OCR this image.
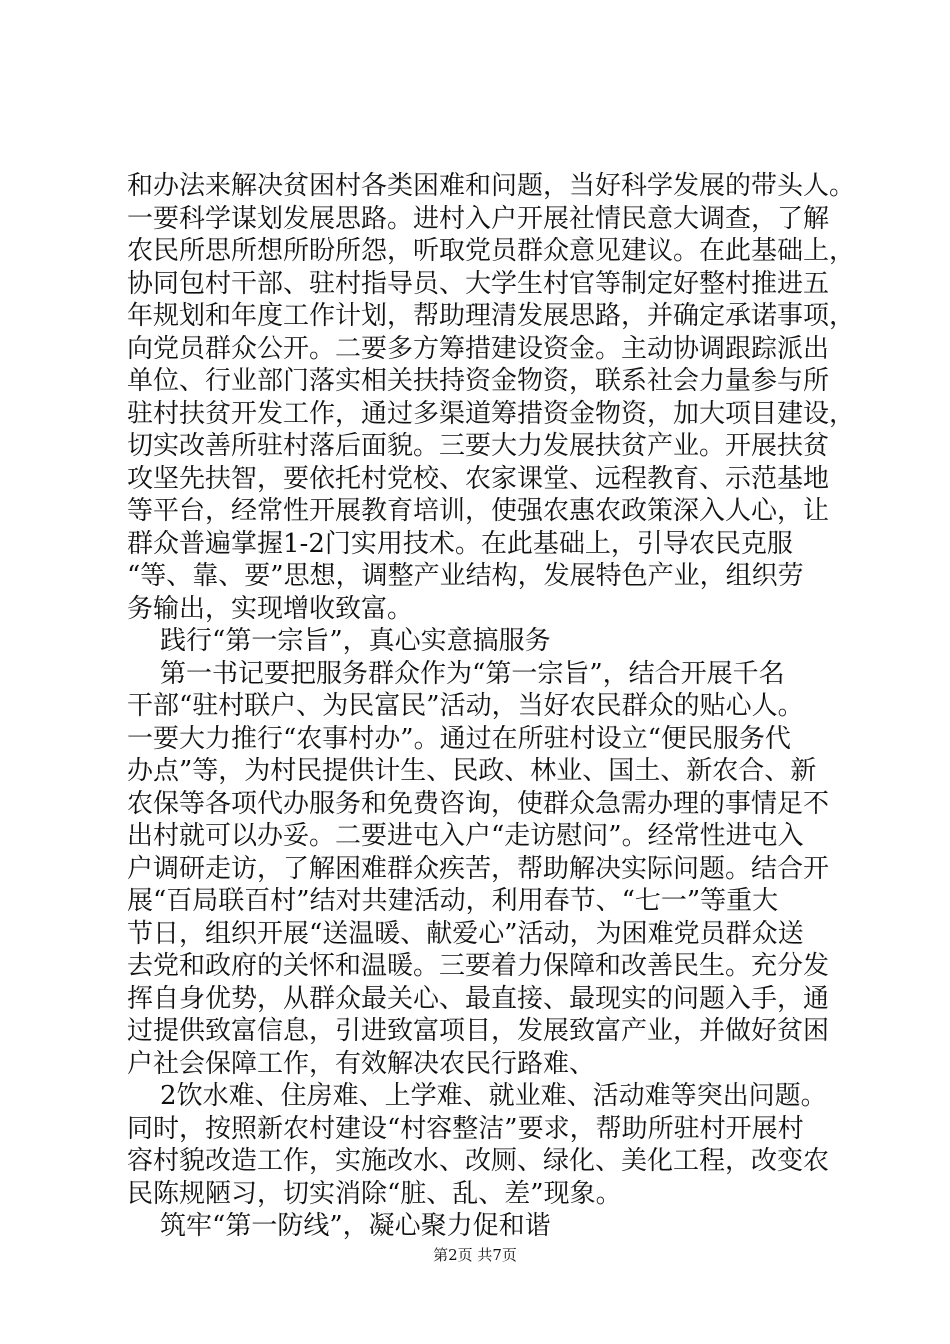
和办法来解决贫困村各类困难和问题，当好科学发展的带头人。
一要科学谋划发展思路。进村入户开展社情民意大调查，了解
农民所思所想所盼所怨，听取党员群众意见建议。在此基础上，
协同包村干部、驻村指导员、大学生村官等制定好整村推进五
年规划和年度工作计划，帮助理清发展思路，并确定承诺事项，
向党员群众公开。二要多方筹措建设资金。主动协调跟踪派出
单位、行业部门落实相关扶持资金物资，联系社会力量参与所
驻村扶贫开发工作，通过多渠道筹措资金物资，加大项目建设，
切实改善所驻村落后面貌。三要大力发展扶贫产业。开展扶贫
攻坚先扶智，要依托村党校、农家课堂、远程教育、示范基地
等平台，经常性开展教育培训，使强农惠农政策深入人心，让
群众普遍掌握1-2门实用技术。在此基础上，引导农民克服
“等、靠、要”思想，调整产业结构，发展特色产业，组织劳
务输出，实现增收致富。
践行“第一宗旨”，真心实意搞服务
第一书记要把服务群众作为“第一宗旨”，结合开展千名
干部“驻村联户、为民富民”活动，当好农民群众的贴心人。
一要大力推行“农事村办”。通过在所驻村设立“便民服务代
办点”等，为村民提供计生、民政、林业、国土、新农合、新
农保等各项代办服务和免费咨询，使群众急需办理的事情足不
出村就可以办妥。二要进屯入户“走访慰问”。经常性进屯入
户调研走访，了解困难群众疾苦，帮助解决实际问题。结合开
展“百局联百村”结对共建活动，利用春节、“七一”等重大
节日，组织开展“送温暖、献爱心”活动，为困难党员群众送
去党和政府的关怀和温暖。三要着力保障和改善民生。充分发
挥自身优势，从群众最关心、最直接、最现实的问题入手，通
过提供致富信息，引进致富项目，发展致富产业，并做好贫困
户社会保障工作，有效解决农民行路难、
2饮水难、住房难、上学难、就业难、活动难等突出问题。
同时，按照新农村建设“村容整洁”要求，帮助所驻村开展村
容村貌改造工作，实施改水、改厕、绿化、美化工程，改变农
民陈规陋习，切实消除“脏、乱、差”现象。
筑牢“第一防线”，凝心聚力促和谐
第2页 共7页
